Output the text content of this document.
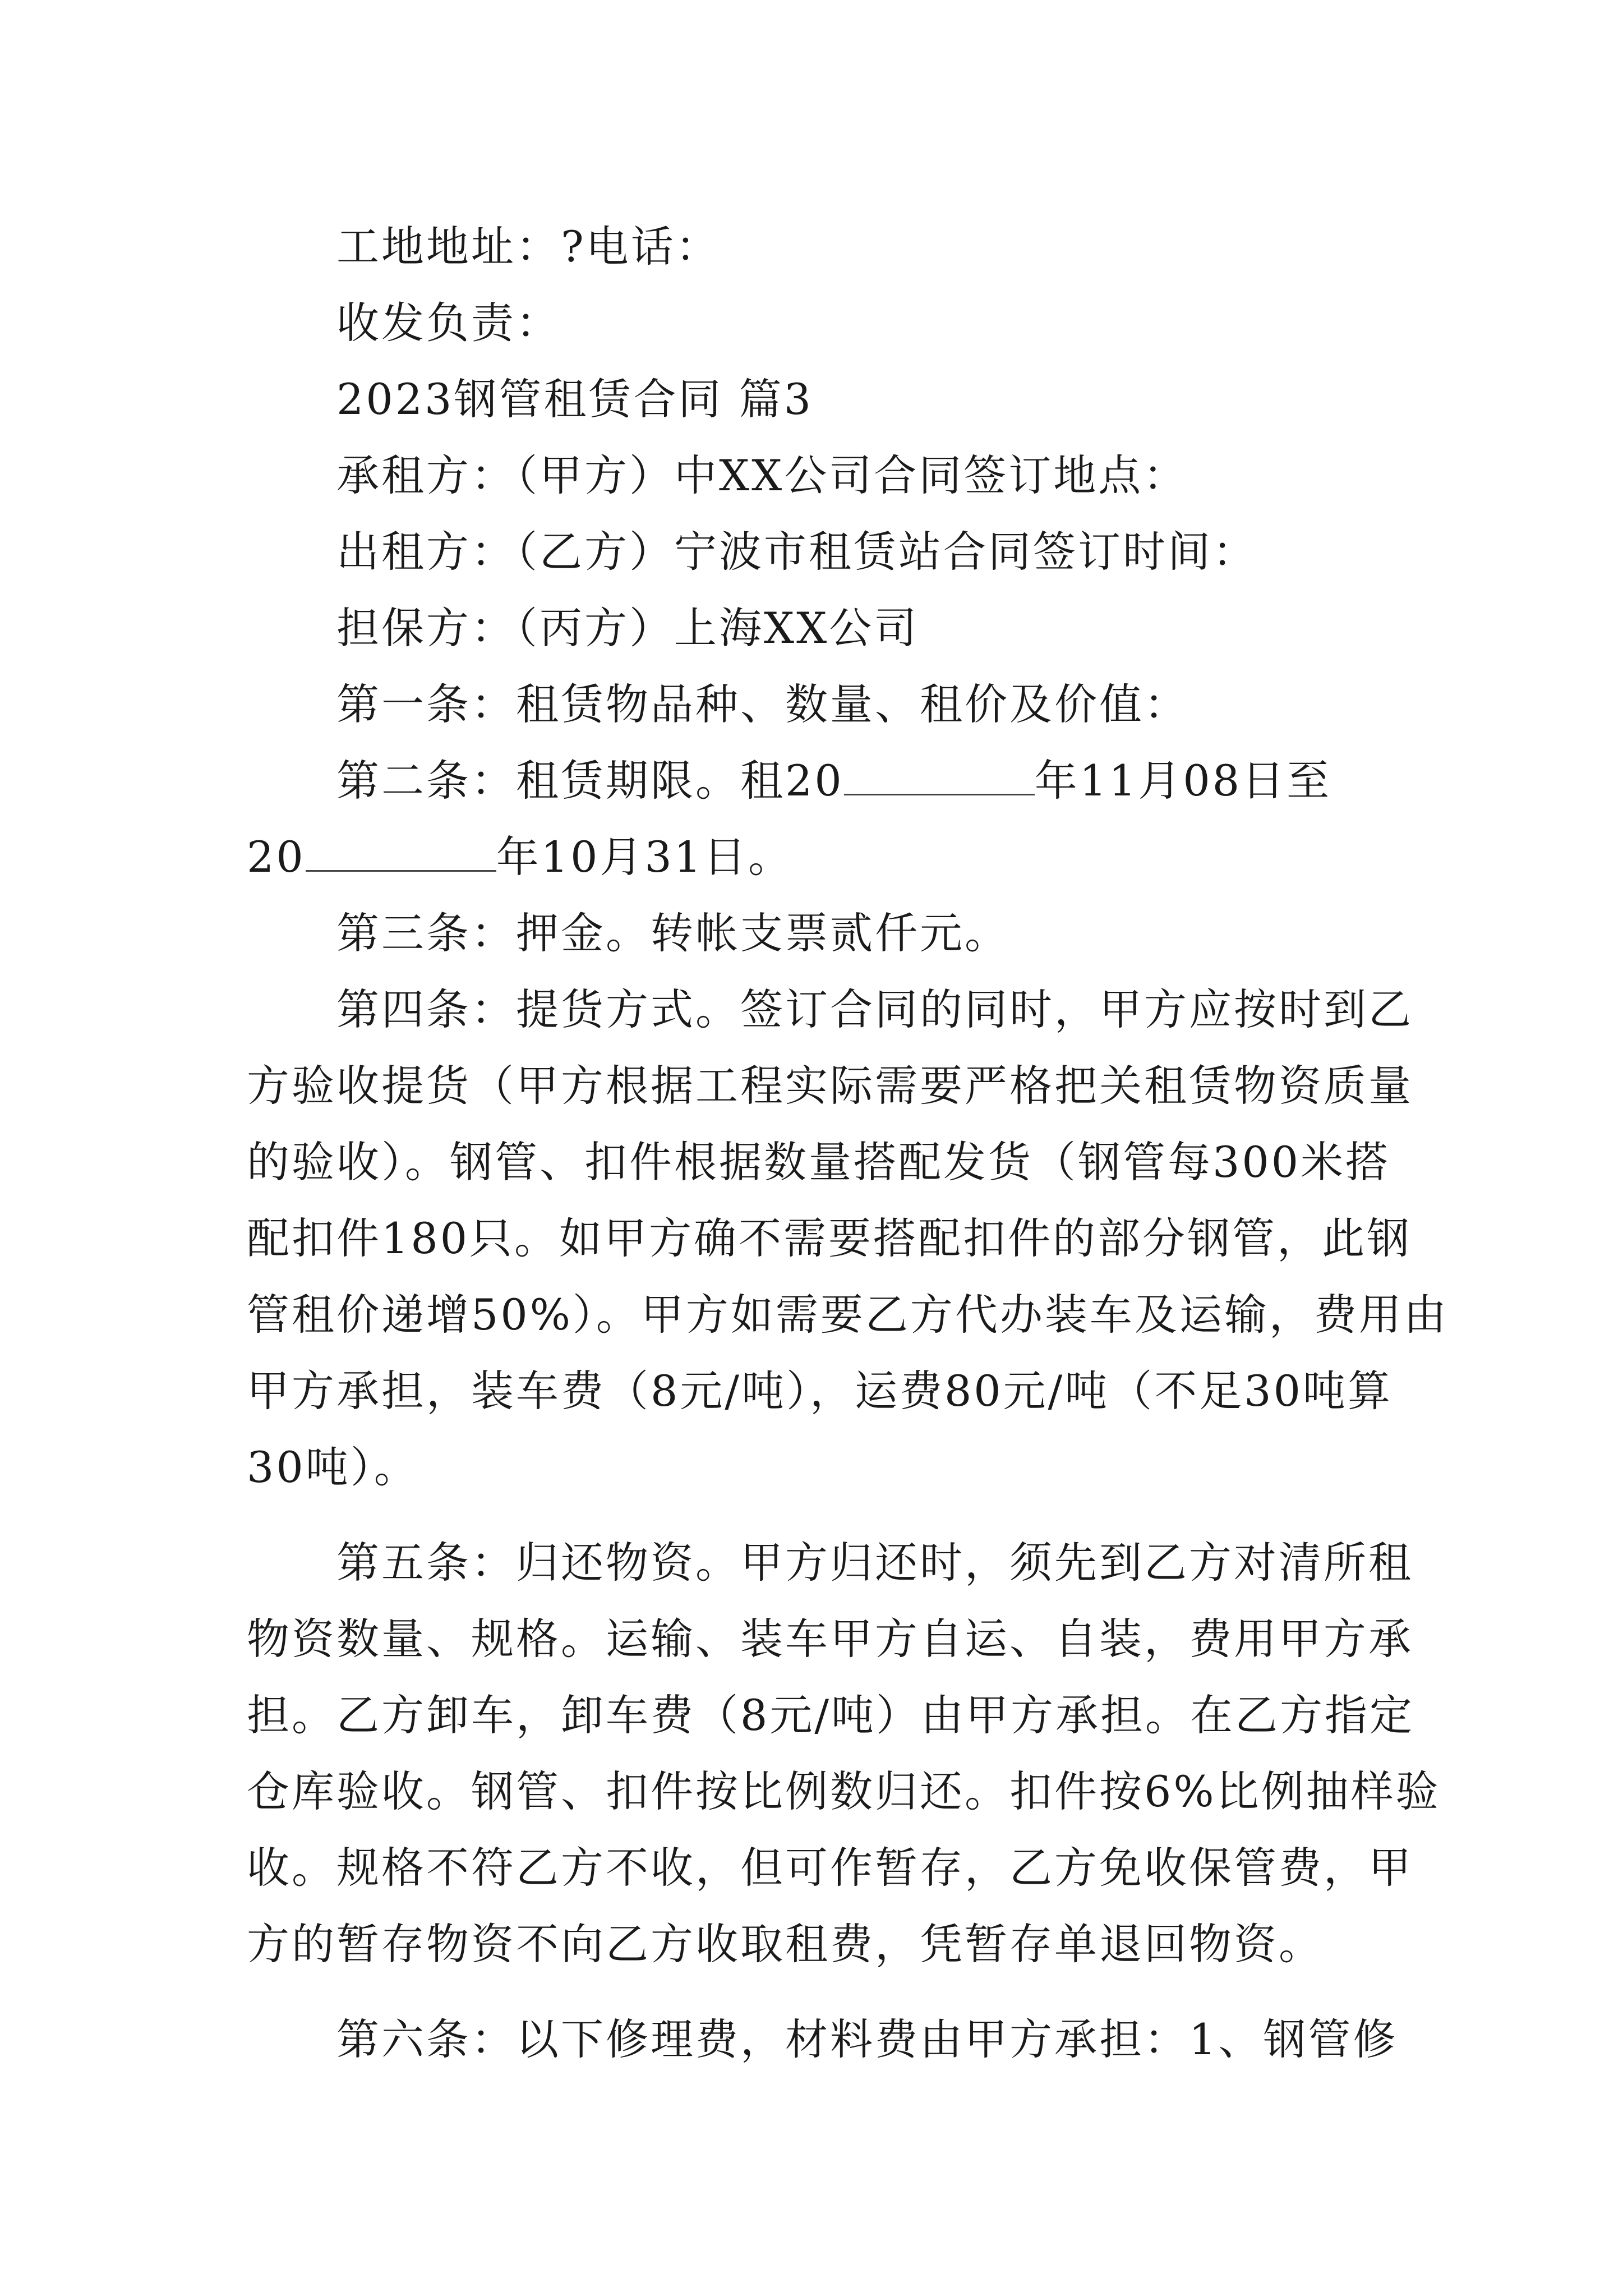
工地地址：?电话：
收发负责：
2023钢管租赁合同 篇3
承租方：（甲方）中XX公司合同签订地点：
出租方：（乙方）宁波市租赁站合同签订时间：
担保方：（丙方）上海XX公司
第一条：租赁物品种、数量、租价及价值：
第二条：租赁期限。租20	年11月08日至
20	年10月31日。
第三条：押金。转帐支票贰仟元。
第四条：提货方式。签订合同的同时，甲方应按时到乙
方验收提货（甲方根据工程实际需要严格把关租赁物资质量
的验收）。钢管、扣件根据数量搭配发货（钢管每300米搭
配扣件180只。如甲方确不需要搭配扣件的部分钢管，此钢
管租价递增50%）。甲方如需要乙方代办装车及运输，费用由
甲方承担，装车费（8元/吨），运费80元/吨（不足30吨算
30吨）。
第五条：归还物资。甲方归还时，须先到乙方对清所租
物资数量、规格。运输、装车甲方自运、自装，费用甲方承
担。乙方卸车，卸车费（8元/吨）由甲方承担。在乙方指定
仓库验收。钢管、扣件按比例数归还。扣件按6%比例抽样验
收。规格不符乙方不收，但可作暂存，乙方免收保管费，甲
方的暂存物资不向乙方收取租费，凭暂存单退回物资。
第六条：以下修理费，材料费由甲方承担：1、钢管修
